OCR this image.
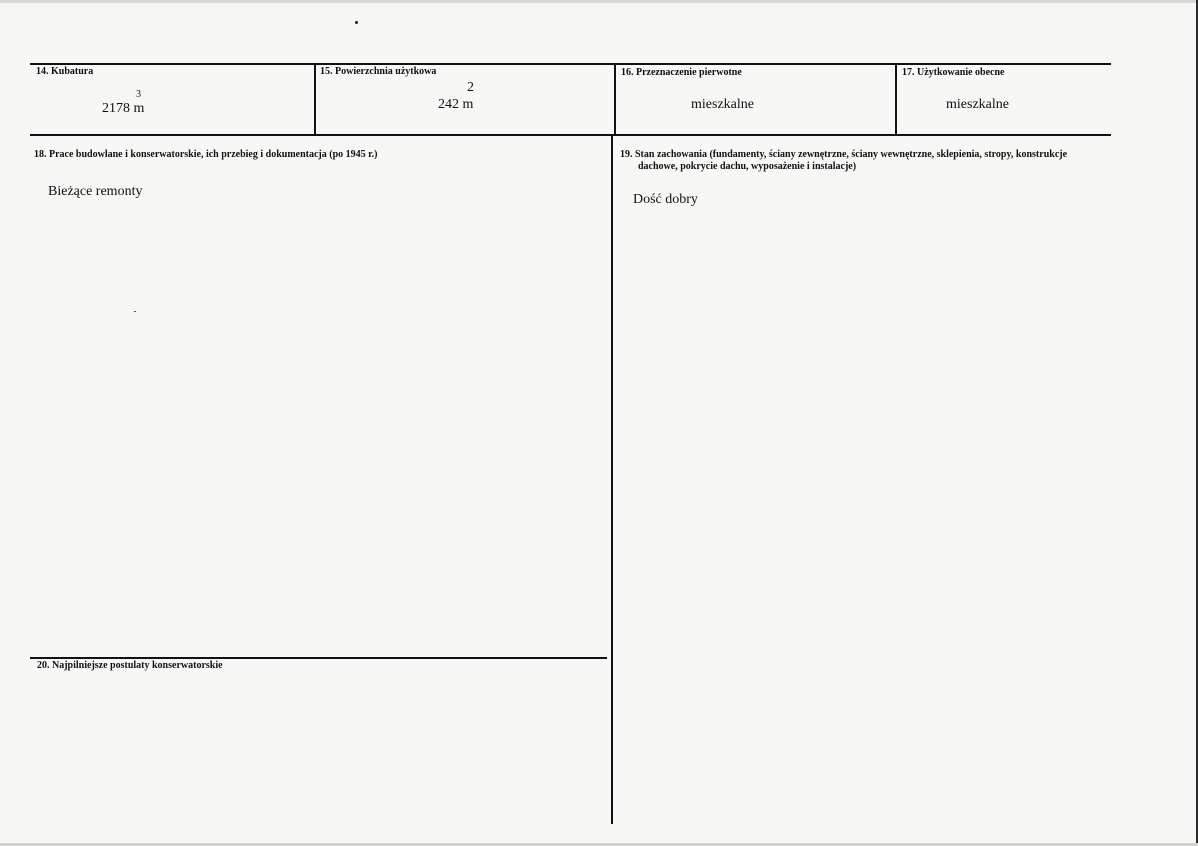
14. Kubatura
3
2178 m
15. Powierzchnia użytkowa
2
242 m
16. Przeznaczenie pierwotne
mieszkalne
17. Użytkowanie obecne
mieszkalne
18. Prace budowlane i konserwatorskie, ich przebieg i dokumentacja (po 1945 r.)
Bieżące remonty
19. Stan zachowania (fundamenty, ściany zewnętrzne, ściany wewnętrzne, sklepienia, stropy, konstrukcje
dachowe, pokrycie dachu, wyposażenie i instalacje)
Dość dobry
20. Najpilniejsze postulaty konserwatorskie
